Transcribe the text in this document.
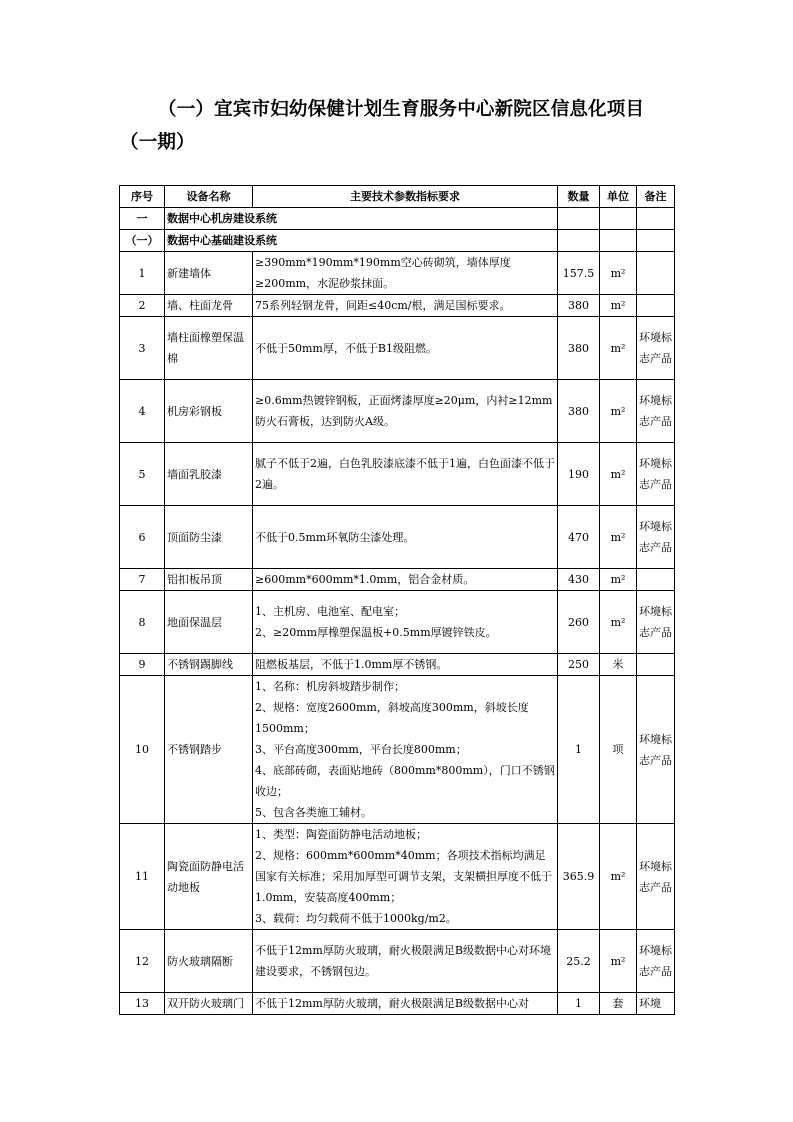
（一）宜宾市妇幼保健计划生育服务中心新院区信息化项目（一期）
序号	设备名称	主要技术参数指标要求	数量	单位	备注
一	数据中心机房建设系统				
（一）	数据中心基础建设系统				
1	新建墙体	≥390mm*190mm*190mm空心砖砌筑，墙体厚度≥200mm，水泥砂浆抹面。	157.5	m²	
2	墙、柱面龙骨	75系列轻钢龙骨，间距≤40cm/根，满足国标要求。	380	m²	
3	墙柱面橡塑保温棉	不低于50mm厚，不低于B1级阻燃。	380	m²	环境标志产品
4	机房彩钢板	≥0.6mm热镀锌钢板，正面烤漆厚度≥20μm，内衬≥12mm防火石膏板，达到防火A级。	380	m²	环境标志产品
5	墙面乳胶漆	腻子不低于2遍，白色乳胶漆底漆不低于1遍，白色面漆不低于2遍。	190	m²	环境标志产品
6	顶面防尘漆	不低于0.5mm环氧防尘漆处理。	470	m²	环境标志产品
7	铝扣板吊顶	≥600mm*600mm*1.0mm，铝合金材质。	430	m²	
8	地面保温层	1、主机房、电池室、配电室；
2、≥20mm厚橡塑保温板+0.5mm厚镀锌铁皮。	260	m²	环境标志产品
9	不锈钢踢脚线	阻燃板基层，不低于1.0mm厚不锈钢。	250	米	
10	不锈钢踏步	1、名称：机房斜坡踏步制作；
2、规格：宽度2600mm，斜坡高度300mm，斜坡长度1500mm；
3、平台高度300mm，平台长度800mm；
4、底部砖砌，表面贴地砖（800mm*800mm），门口不锈钢收边；
5、包含各类施工辅材。	1	项	环境标志产品
11	陶瓷面防静电活动地板	1、类型：陶瓷面防静电活动地板；
2、规格：600mm*600mm*40mm；各项技术指标均满足国家有关标准；采用加厚型可调节支架，支架横担厚度不低于1.0mm，安装高度400mm；
3、载荷：均匀载荷不低于1000kg/m2。	365.9	m²	环境标志产品
12	防火玻璃隔断	不低于12mm厚防火玻璃，耐火极限满足B级数据中心对环境建设要求，不锈钢包边。	25.2	m²	环境标志产品
13	双开防火玻璃门	不低于12mm厚防火玻璃，耐火极限满足B级数据中心对	1	套	环境
